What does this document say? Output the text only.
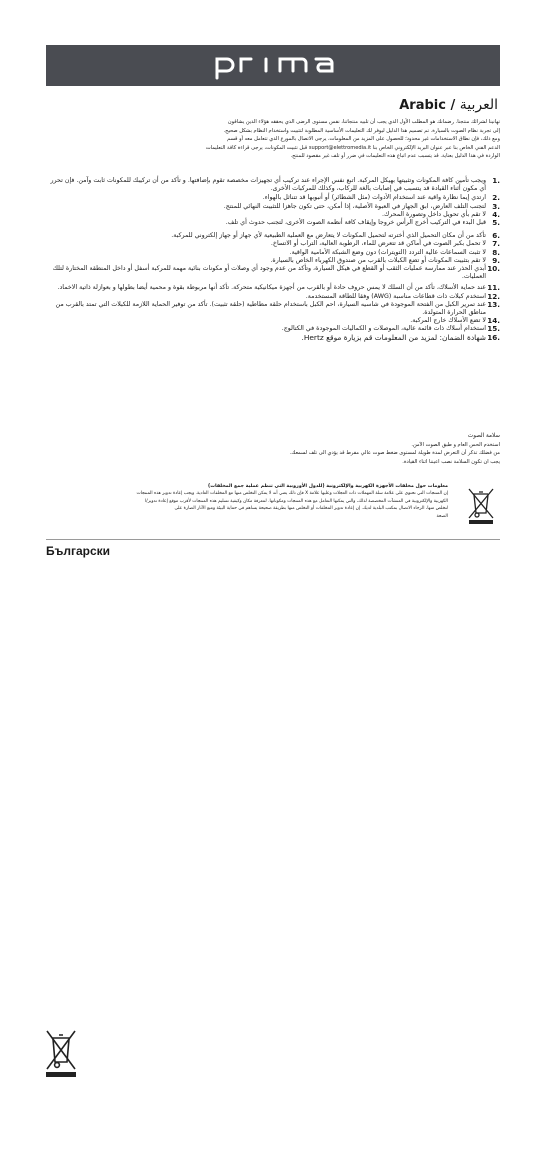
Arabic / العربية

تهانينا لشرائك منتجنا. رضمانك هو المطلب الأول الذي يجب أن تلبيه منتجاتنا، نفس مستوى الرضى الذي يحققه هؤلاء الذين يشاقون

إلى تجربة نظام الصوت بالسيارة. تم تصميم هذا الدليل ليوفر لك التعليمات الأساسية المطلوبة لتثبيت واستخدام النظام بشكل صحيح.

ومع ذلك، فإن نطاق الاستخدامات غير محدود؛ للحصول على المزيد من المعلومات، يرجى الاتصال بالموزع الذي تتعامل معه أو قسم

الدعم الفني الخاص بنا عبر عنوان البريد الإلكتروني الخاص بنا support@elettromedia.it قبل تثبيت المكونات، يرجى قراءة كافة التعليمات

الواردة في هذا الدليل بعناية. قد يتسبب عدم اتباع هذه التعليمات في ضرر أو تلف غير مقصود للمنتج.

.1
ويجب تأمين كافة المكونات وتثبيتها بهيكل المركبة. اتبع نفس الإجراء عند تركيب أي تجهيزات مخصصة تقوم بإضافتها. و تأكد من أن تركيبك للمكونات ثابت وآمن. فإن تحرر أي مكون أثناء القيادة قد يتسبب في إصابات بالغة للركاب، وكذلك للمركبات الأخرى.
.2
ارتدي إيما نظارة واقية عند استخدام الأدوات (مثل الشطائر) أو أنبوبها قد تتناثل بالهواء.
.3
لتجنب التلف العارض، ابق الجهاز في العبوة الأصلية، إذا أمكن، حتى تكون جاهزا للتثبيت النهائي للمنتج.
.4
لا تقم بأي تحويل داخل وتصورة المحرك.
.5
قبل البدء في التركيب أخرج الرأس خروجا وإيقاف كافة أنظمة الصوت الأخرى، لتجنب حدوث أي تلف.
.6
تأكد من أن مكان التحميل الذي أخترته لتحميل المكونات لا يتعارض مع العملية الطبيعية لأي جهاز أو جهاز إلكتروني للمركبة.
.7
لا تحمل بكبر الصوت في أماكن قد تتعرض للماء، الرطوبة العالية، التراب أو الاتساخ.
.8
لا تثبت السماعات عالية التردد (التويترات) دون وضع الشبكة الأمامية الواقية.
.9
لا تقم بتثبيت المكونات أو تضع الكبلات بالقرب من صندوق الكهرباء الخاص بالسيارة.
.10
أبدي الحذر عند ممارسة عمليات الثقب أو القطع في هيكل السيارة، وتأكد من عدم وجود أي وصلات أو مكونات بنائية مهمة للمركبة أسفل أو داخل المنطقة المختارة لتلك العمليات.
.11
عند حماية الأسلاك، تأكد من أن السلك لا يمس حروف حادة أو بالقرب من أجهزة ميكانيكية متحركة. تأكد أنها مربوطة بقوة و محمية أيضا بطولها و بعوازلة ذاتية الاخماد.
.12
استخدم كبلات ذات قطاعات مناسبة (AWG) وفقا للطاقة المستخدمة.
.13
عند تمرير الكبل من الفتحة الموجودة في شاسيه السيارة، احم الكبل باستخدام حلقة مطاطية (حلقة تثبيت). تأكد من توفير الحماية اللازمة للكبلات التي تمتد بالقرب من مناطق الحرارة المتولدة.
.14
لا تضع الأسلاك خارج المركبة.
.15
استخدام أسلاك ذات قائمة عالية، الموصلات و الكماليات الموجودة في الكتالوج.
.16
شهادة الضمان: لمزيد من المعلومات قم بزيارة موقع Hertz.

سلامة الصوت

استخدم الحس العام و طبق الصوت الآمن.

من فضلك تذكر أن التعرض لمدة طويلة لمستوى ضغط صوت عالي مفرط قد يؤدي الى تلف لسمعك.

يجب ان تكون السلامة نصب اعيننا اثناء القيادة.

معلومات حول مخلفات الأجهزة الكهربية والإلكترونية (للدول الأوروبية التي تنظم عملية جمع المخلفات)
إن المنتجات التي تحتوي على علامة سلة المهملات ذات العجلات وعليها علامة X فإن ذلك يعني أنه لا يمكن التخلص منها مع المخلفات العادية. ويجب إعادة تدوير هذه المنتجات
الكهربية والإلكترونية في المنشآت المخصصة لذلك، والتي يمكنها التعامل مع هذه المنتجات ومكوناتها. لمعرفة مكان وكيفية تسليم هذه المنتجات لأقرب موقع إعادة تدوير/ا
لتخلص منها، الرجاء الاتصال بمكتب البلدية لديك. إن إعادة تدوير المخلفات أو التخلص منها بطريقة صحيحة يساهم في حماية البيئة ومنع الآثار الضارة على
الصحة
Български
